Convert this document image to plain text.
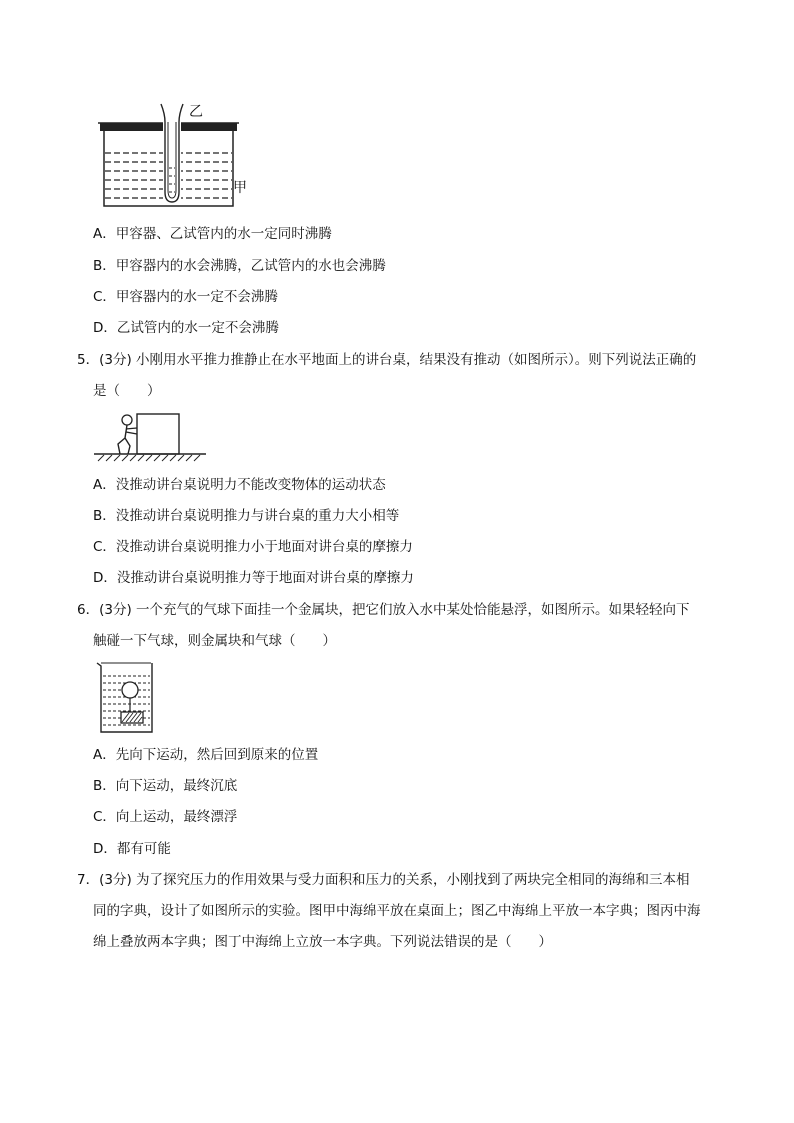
乙
甲
A．甲容器、乙试管内的水一定同时沸腾
B．甲容器内的水会沸腾，乙试管内的水也会沸腾
C．甲容器内的水一定不会沸腾
D．乙试管内的水一定不会沸腾
5．(3分) 小刚用水平推力推静止在水平地面上的讲台桌，结果没有推动（如图所示）。则下列说法正确的
是（　　）
A．没推动讲台桌说明力不能改变物体的运动状态
B．没推动讲台桌说明推力与讲台桌的重力大小相等
C．没推动讲台桌说明推力小于地面对讲台桌的摩擦力
D．没推动讲台桌说明推力等于地面对讲台桌的摩擦力
6．(3分) 一个充气的气球下面挂一个金属块，把它们放入水中某处恰能悬浮，如图所示。如果轻轻向下
触碰一下气球，则金属块和气球（　　）
A．先向下运动，然后回到原来的位置
B．向下运动，最终沉底
C．向上运动，最终漂浮
D．都有可能
7．(3分) 为了探究压力的作用效果与受力面积和压力的关系，小刚找到了两块完全相同的海绵和三本相
同的字典，设计了如图所示的实验。图甲中海绵平放在桌面上；图乙中海绵上平放一本字典；图丙中海
绵上叠放两本字典；图丁中海绵上立放一本字典。下列说法错误的是（　　）
